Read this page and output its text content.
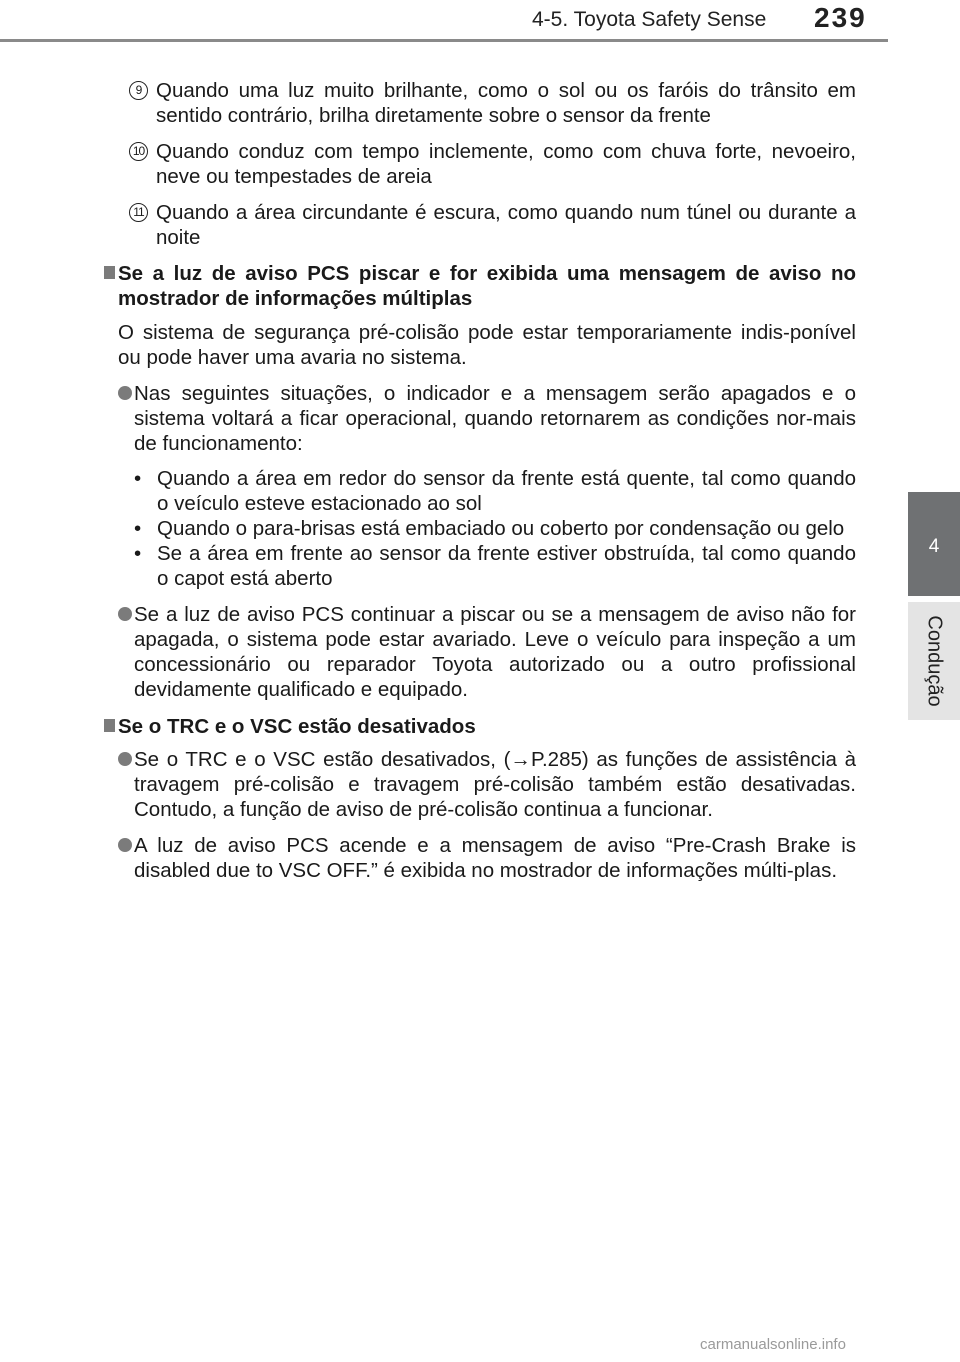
4-5. Toyota Safety Sense 239
4
Condução
9 Quando uma luz muito brilhante, como o sol ou os faróis do trânsito em sentido contrário, brilha diretamente sobre o sensor da frente

10 Quando conduz com tempo inclemente, como com chuva forte, nevoeiro, neve ou tempestades de areia

11 Quando a área circundante é escura, como quando num túnel ou durante a noite

Se a luz de aviso PCS piscar e for exibida uma mensagem de aviso no mostrador de informações múltiplas

O sistema de segurança pré-colisão pode estar temporariamente indis-ponível ou pode haver uma avaria no sistema.

Nas seguintes situações, o indicador e a mensagem serão apagados e o sistema voltará a ficar operacional, quando retornarem as condições nor-mais de funcionamento:

• Quando a área em redor do sensor da frente está quente, tal como quando o veículo esteve estacionado ao sol

• Quando o para-brisas está embaciado ou coberto por condensação ou gelo

• Se a área em frente ao sensor da frente estiver obstruída, tal como quando o capot está aberto

Se a luz de aviso PCS continuar a piscar ou se a mensagem de aviso não for apagada, o sistema pode estar avariado. Leve o veículo para inspeção a um concessionário ou reparador Toyota autorizado ou a outro profissional devidamente qualificado e equipado.

Se o TRC e o VSC estão desativados

Se o TRC e o VSC estão desativados, (→P.285) as funções de assistência à travagem pré-colisão e travagem pré-colisão também estão desativadas. Contudo, a função de aviso de pré-colisão continua a funcionar.

A luz de aviso PCS acende e a mensagem de aviso “Pre-Crash Brake is disabled due to VSC OFF.” é exibida no mostrador de informações múlti-plas.

carmanualsonline.info
